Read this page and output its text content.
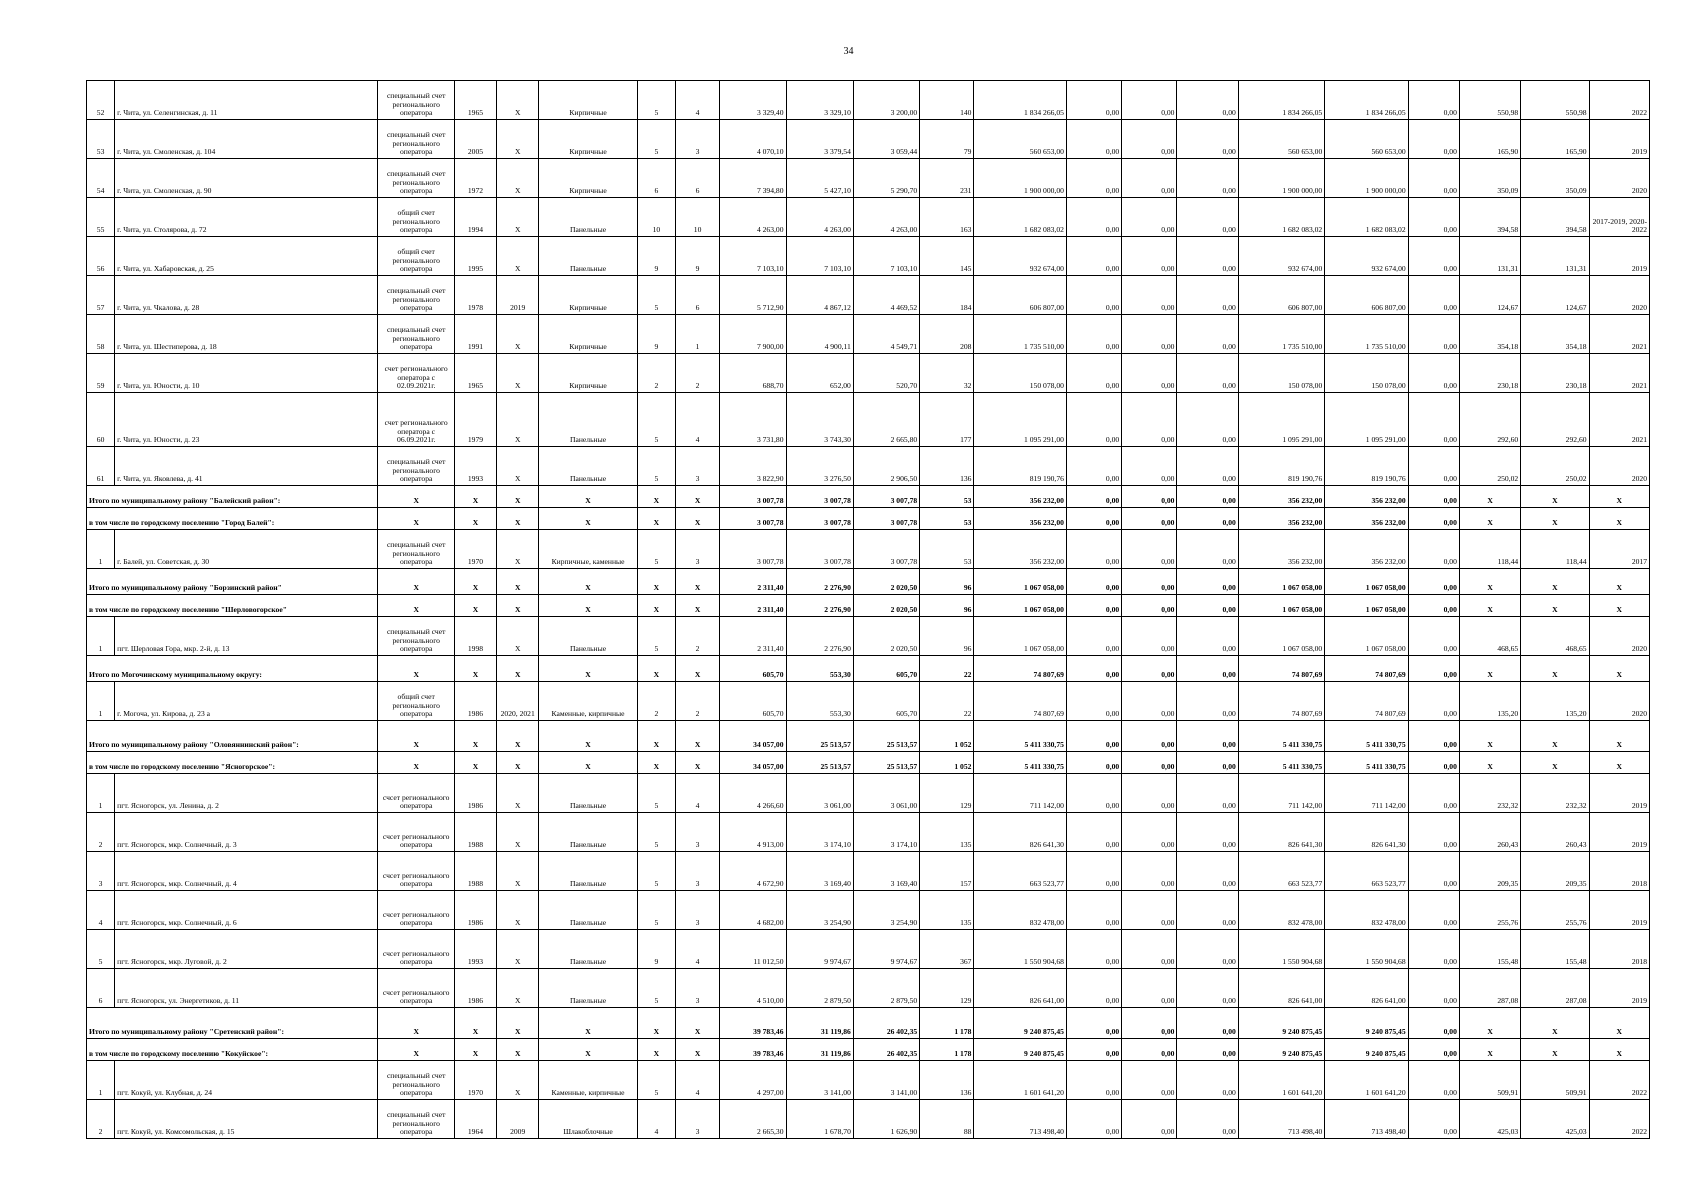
34
52	г. Чита, ул. Селенгинская, д. 11	специальный счет регионального оператора	1965	X	Кирпичные	5	4	3 329,40	3 329,10	3 200,00	140	1 834 266,05	0,00	0,00	0,00	1 834 266,05	1 834 266,05	0,00	550,98	550,98	2022
53	г. Чита, ул. Смоленская, д. 104	специальный счет регионального оператора	2005	X	Кирпичные	5	3	4 070,10	3 379,54	3 059,44	79	560 653,00	0,00	0,00	0,00	560 653,00	560 653,00	0,00	165,90	165,90	2019
54	г. Чита, ул. Смоленская, д. 90	специальный счет регионального оператора	1972	X	Кирпичные	6	6	7 394,80	5 427,10	5 290,70	231	1 900 000,00	0,00	0,00	0,00	1 900 000,00	1 900 000,00	0,00	350,09	350,09	2020
55	г. Чита, ул. Столярова, д. 72	общий счет регионального оператора	1994	X	Панельные	10	10	4 263,00	4 263,00	4 263,00	163	1 682 083,02	0,00	0,00	0,00	1 682 083,02	1 682 083,02	0,00	394,58	394,58	2017-2019, 2020-2022
56	г. Чита, ул. Хабаровская, д. 25	общий счет регионального оператора	1995	X	Панельные	9	9	7 103,10	7 103,10	7 103,10	145	932 674,00	0,00	0,00	0,00	932 674,00	932 674,00	0,00	131,31	131,31	2019
57	г. Чита, ул. Чкалова, д. 28	специальный счет регионального оператора	1978	2019	Кирпичные	5	6	5 712,90	4 867,12	4 469,52	184	606 807,00	0,00	0,00	0,00	606 807,00	606 807,00	0,00	124,67	124,67	2020
58	г. Чита, ул. Шестиперова, д. 18	специальный счет регионального оператора	1991	X	Кирпичные	9	1	7 900,00	4 900,11	4 549,71	208	1 735 510,00	0,00	0,00	0,00	1 735 510,00	1 735 510,00	0,00	354,18	354,18	2021
59	г. Чита, ул. Юности, д. 10	счет регионального оператора с 02.09.2021г.	1965	X	Кирпичные	2	2	688,70	652,00	520,70	32	150 078,00	0,00	0,00	0,00	150 078,00	150 078,00	0,00	230,18	230,18	2021
60	г. Чита, ул. Юности, д. 23	счет регионального оператора с 06.09.2021г.	1979	X	Панельные	5	4	3 731,80	3 743,30	2 665,80	177	1 095 291,00	0,00	0,00	0,00	1 095 291,00	1 095 291,00	0,00	292,60	292,60	2021
61	г. Чита, ул. Яковлева, д. 41	специальный счет регионального оператора	1993	X	Панельные	5	3	3 822,90	3 276,50	2 906,50	136	819 190,76	0,00	0,00	0,00	819 190,76	819 190,76	0,00	250,02	250,02	2020
Итого по муниципальному району "Балейский район":		X	X	X	X	X	X	3 007,78	3 007,78	3 007,78	53	356 232,00	0,00	0,00	0,00	356 232,00	356 232,00	0,00	X	X	X
в том числе по городскому поселению "Город Балей":		X	X	X	X	X	X	3 007,78	3 007,78	3 007,78	53	356 232,00	0,00	0,00	0,00	356 232,00	356 232,00	0,00	X	X	X
1	г. Балей, ул. Советская, д. 30	специальный счет регионального оператора	1970	X	Кирпичные, каменные	5	3	3 007,78	3 007,78	3 007,78	53	356 232,00	0,00	0,00	0,00	356 232,00	356 232,00	0,00	118,44	118,44	2017
Итого по муниципальному району "Борзинский район"		X	X	X	X	X	X	2 311,40	2 276,90	2 020,50	96	1 067 058,00	0,00	0,00	0,00	1 067 058,00	1 067 058,00	0,00	X	X	X
в том числе по городскому поселению "Шерловогорское"		X	X	X	X	X	X	2 311,40	2 276,90	2 020,50	96	1 067 058,00	0,00	0,00	0,00	1 067 058,00	1 067 058,00	0,00	X	X	X
1	пгт. Шерловая Гора, мкр. 2-й, д. 13	специальный счет регионального оператора	1998	X	Панельные	5	2	2 311,40	2 276,90	2 020,50	96	1 067 058,00	0,00	0,00	0,00	1 067 058,00	1 067 058,00	0,00	468,65	468,65	2020
Итого по Могочинскому муниципальному округу:		X	X	X	X	X	X	605,70	553,30	605,70	22	74 807,69	0,00	0,00	0,00	74 807,69	74 807,69	0,00	X	X	X
1	г. Могоча, ул. Кирова, д. 23 а	общий счет регионального оператора	1986	2020, 2021	Каменные, кирпичные	2	2	605,70	553,30	605,70	22	74 807,69	0,00	0,00	0,00	74 807,69	74 807,69	0,00	135,20	135,20	2020
Итого по муниципальному району "Оловяннинский район":		X	X	X	X	X	X	34 057,00	25 513,57	25 513,57	1 052	5 411 330,75	0,00	0,00	0,00	5 411 330,75	5 411 330,75	0,00	X	X	X
в том числе по городскому поселению "Ясногорское":		X	X	X	X	X	X	34 057,00	25 513,57	25 513,57	1 052	5 411 330,75	0,00	0,00	0,00	5 411 330,75	5 411 330,75	0,00	X	X	X
1	пгт. Ясногорск, ул. Ленина, д. 2	счсет регионального оператора	1986	X	Панельные	5	4	4 266,60	3 061,00	3 061,00	129	711 142,00	0,00	0,00	0,00	711 142,00	711 142,00	0,00	232,32	232,32	2019
2	пгт. Ясногорск, мкр. Солнечный, д. 3	счсет регионального оператора	1988	X	Панельные	5	3	4 913,00	3 174,10	3 174,10	135	826 641,30	0,00	0,00	0,00	826 641,30	826 641,30	0,00	260,43	260,43	2019
3	пгт. Ясногорск, мкр. Солнечный, д. 4	счсет регионального оператора	1988	X	Панельные	5	3	4 672,90	3 169,40	3 169,40	157	663 523,77	0,00	0,00	0,00	663 523,77	663 523,77	0,00	209,35	209,35	2018
4	пгт. Ясногорск, мкр. Солнечный, д. 6	счсет регионального оператора	1986	X	Панельные	5	3	4 682,00	3 254,90	3 254,90	135	832 478,00	0,00	0,00	0,00	832 478,00	832 478,00	0,00	255,76	255,76	2019
5	пгт. Ясногорск, мкр. Луговой, д. 2	счсет регионального оператора	1993	X	Панельные	9	4	11 012,50	9 974,67	9 974,67	367	1 550 904,68	0,00	0,00	0,00	1 550 904,68	1 550 904,68	0,00	155,48	155,48	2018
6	пгт. Ясногорск, ул. Энергетиков, д. 11	счсет регионального оператора	1986	X	Панельные	5	3	4 510,00	2 879,50	2 879,50	129	826 641,00	0,00	0,00	0,00	826 641,00	826 641,00	0,00	287,08	287,08	2019
Итого по муниципальному району "Сретенский район":		X	X	X	X	X	X	39 783,46	31 119,86	26 402,35	1 178	9 240 875,45	0,00	0,00	0,00	9 240 875,45	9 240 875,45	0,00	X	X	X
в том числе по городскому поселению "Кокуйское":		X	X	X	X	X	X	39 783,46	31 119,86	26 402,35	1 178	9 240 875,45	0,00	0,00	0,00	9 240 875,45	9 240 875,45	0,00	X	X	X
1	пгт. Кокуй, ул. Клубная, д. 24	специальный счет регионального оператора	1970	X	Каменные, кирпичные	5	4	4 297,00	3 141,00	3 141,00	136	1 601 641,20	0,00	0,00	0,00	1 601 641,20	1 601 641,20	0,00	509,91	509,91	2022
2	пгт. Кокуй, ул. Комсомольская, д. 15	специальный счет регионального оператора	1964	2009	Шлакоблочные	4	3	2 665,30	1 678,70	1 626,90	88	713 498,40	0,00	0,00	0,00	713 498,40	713 498,40	0,00	425,03	425,03	2022
